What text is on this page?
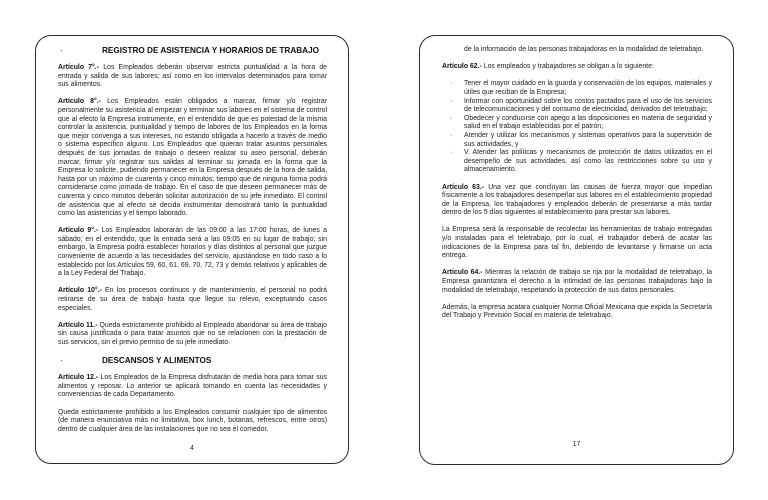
·	REGISTRO DE ASISTENCIA Y HORARIOS DE TRABAJO

Artículo 7°.- Los Empleados deberán observar estricta puntualidad a la hora de entrada y salida de sus labores; así como en los intervalos determinados para tomar sus alimentos.

Artículo 8°.- Los Empleados están obligados a marcar, firmar y/o registrar personalmente su asistencia al empezar y terminar sus labores en el sistema de control que al efecto la Empresa instrumente, en el entendido de que es potestad de la misma controlar la asistencia, puntualidad y tiempo de labores de los Empleados en la forma que mejor convenga a sus intereses, no estando obligada a hacerlo a través de medio o sistema específico alguno. Los Empleados que quieran tratar asuntos personales después de sus jornadas de trabajo o deseen realizar su aseo personal, deberán marcar, firmar y/o registrar sus salidas al terminar su jornada en la forma que la Empresa lo solicite, pudiendo permanecer en la Empresa después de la hora de salida, hasta por un máximo de cuarenta y cinco minutos; tiempo que de ninguna forma podrá considerarse como jornada de trabajo. En el caso de que deseen permanecer más de cuarenta y cinco minutos deberán solicitar autorización de su jefe inmediato. El control de asistencia que al efecto se decida instrumentar demostrará tanto la puntualidad como las asistencias y el tiempo laborado.

Artículo 9°.- Los Empleados laborarán de las 09:00 a las 17:00 horas, de lunes a sábado; en el entendido, que la entrada será a las 09:05 en su lugar de trabajo; sin embargo, la Empresa podrá establecer horarios y días distintos al personal que juzgue conveniente de acuerdo a las necesidades del servicio, ajustándose en todo caso a lo establecido por los Artículos 59, 60, 61, 69, 70, 72, 73 y demás relativos y aplicables de a la Ley Federal del Trabajo.

Artículo 10°.- En los procesos continuos y de mantenimiento, el personal no podrá retirarse de su área de trabajo hasta que llegue su relevo, exceptuando casos especiales.

Artículo 11.- Queda estrictamente prohibido al Empleado abandonar su área de trabajo sin causa justificada o para tratar asuntos que no se relacionen con la prestación de sus servicios, sin el previo permiso de su jefe inmediato.

·	DESCANSOS Y ALIMENTOS

Artículo 12.- Los Empleados de la Empresa disfrutarán de media hora para tomar sus alimentos y reposar. Lo anterior se aplicará tomando en cuenta las necesidades y conveniencias de cada Departamento.

Queda estrictamente prohibido a los Empleados consumir cualquier tipo de alimentos (de manera enunciativa más no limitativa, box lunch, botanas, refrescos, entre otros) dentro de cualquier área de las instalaciones que no sea el comedor.

4

de la información de las personas trabajadoras en la modalidad de teletrabajo.

Artículo 62.- Los empleados y trabajadores se obligan a lo siguiente:

·	Tener el mayor cuidado en la guarda y conservación de los equipos, materiales y útiles que reciban de la Empresa;
·	Informar con oportunidad sobre los costos pactados para el uso de los servicios de telecomunicaciones y del consumo de electricidad, derivados del teletrabajo;
·	Obedecer y conducirse con apego a las disposiciones en materia de seguridad y salud en el trabajo establecidas por el patrón;
·	Atender y utilizar los mecanismos y sistemas operativos para la supervisión de sus actividades, y
·	V. Atender las políticas y mecanismos de protección de datos utilizados en el desempeño de sus actividades, así como las restricciones sobre su uso y almacenamiento.

Artículo 63.- Una vez que concluyan las causas de fuerza mayor que impedían físicamente a los trabajadores desempeñar sus labores en el establecimiento propiedad de la Empresa, los trabajadores y empleados deberán de presentarse a más tardar dentro de los 5 días siguientes al establecimiento para prestar sus labores.

La Empresa será la responsable de recolectar las herramientas de trabajo entregadas y/o instaladas para el teletrabajo, por lo cual, el trabajador deberá de acatar las indicaciones de la Empresa para tal fin, debiendo de levantarse y firmarse un acta entrega.

Artículo 64.- Mientras la relación de trabajo se rija por la modalidad de teletrabajo, la Empresa garantizara el derecho a la intimidad de las personas trabajadoras bajo la modalidad de teletrabajo, respetando la protección de sus datos personales.

Además, la empresa acatara cualquier Norma Oficial Mexicana que expida la Secretaría del Trabajo y Previsión Social en materia de teletrabajo.

17
